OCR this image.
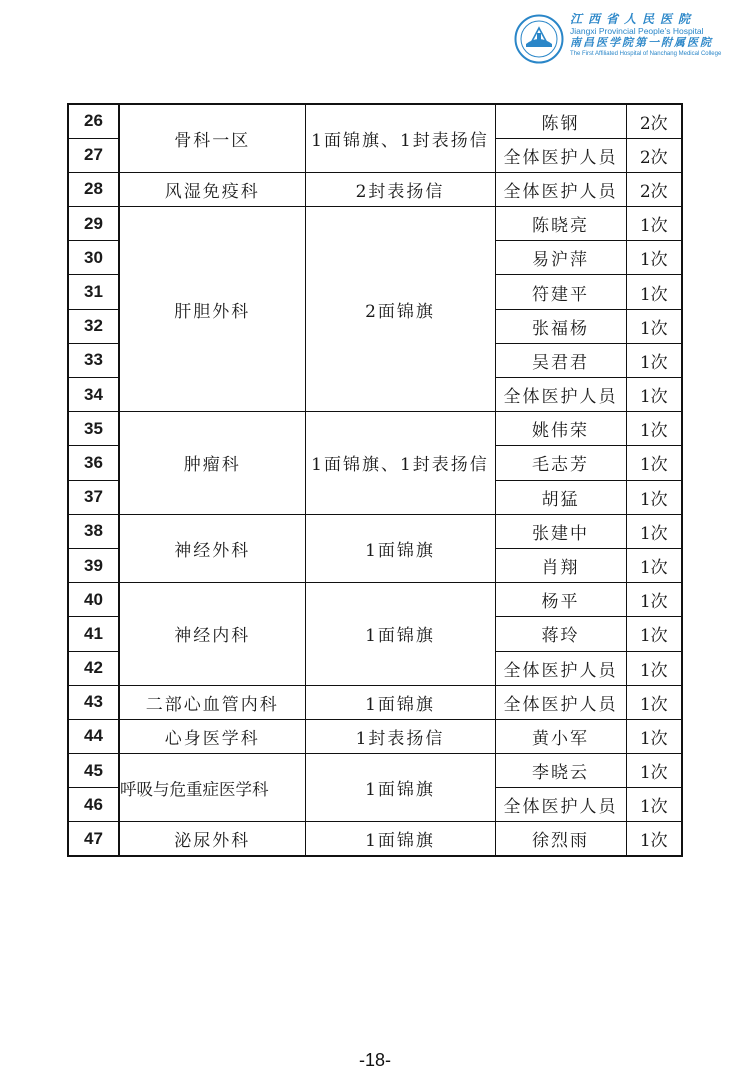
江西省人民医院
Jiangxi Provincial People’s Hospital
南昌医学院第一附属医院
The First Affiliated Hospital of Nanchang Medical College
26	骨科一区	1面锦旗、1封表扬信	陈钢	2次
27			全体医护人员	2次
28	风湿免疫科	2封表扬信	全体医护人员	2次
29	肝胆外科	2面锦旗	陈晓亮	1次
30			易沪萍	1次
31			符建平	1次
32			张福杨	1次
33			吴君君	1次
34			全体医护人员	1次
35	肿瘤科	1面锦旗、1封表扬信	姚伟荣	1次
36			毛志芳	1次
37			胡猛	1次
38	神经外科	1面锦旗	张建中	1次
39			肖翔	1次
40	神经内科	1面锦旗	杨平	1次
41			蒋玲	1次
42			全体医护人员	1次
43	二部心血管内科	1面锦旗	全体医护人员	1次
44	心身医学科	1封表扬信	黄小军	1次
45	呼吸与危重症医学科	1面锦旗	李晓云	1次
46			全体医护人员	1次
47	泌尿外科	1面锦旗	徐烈雨	1次
-18-
